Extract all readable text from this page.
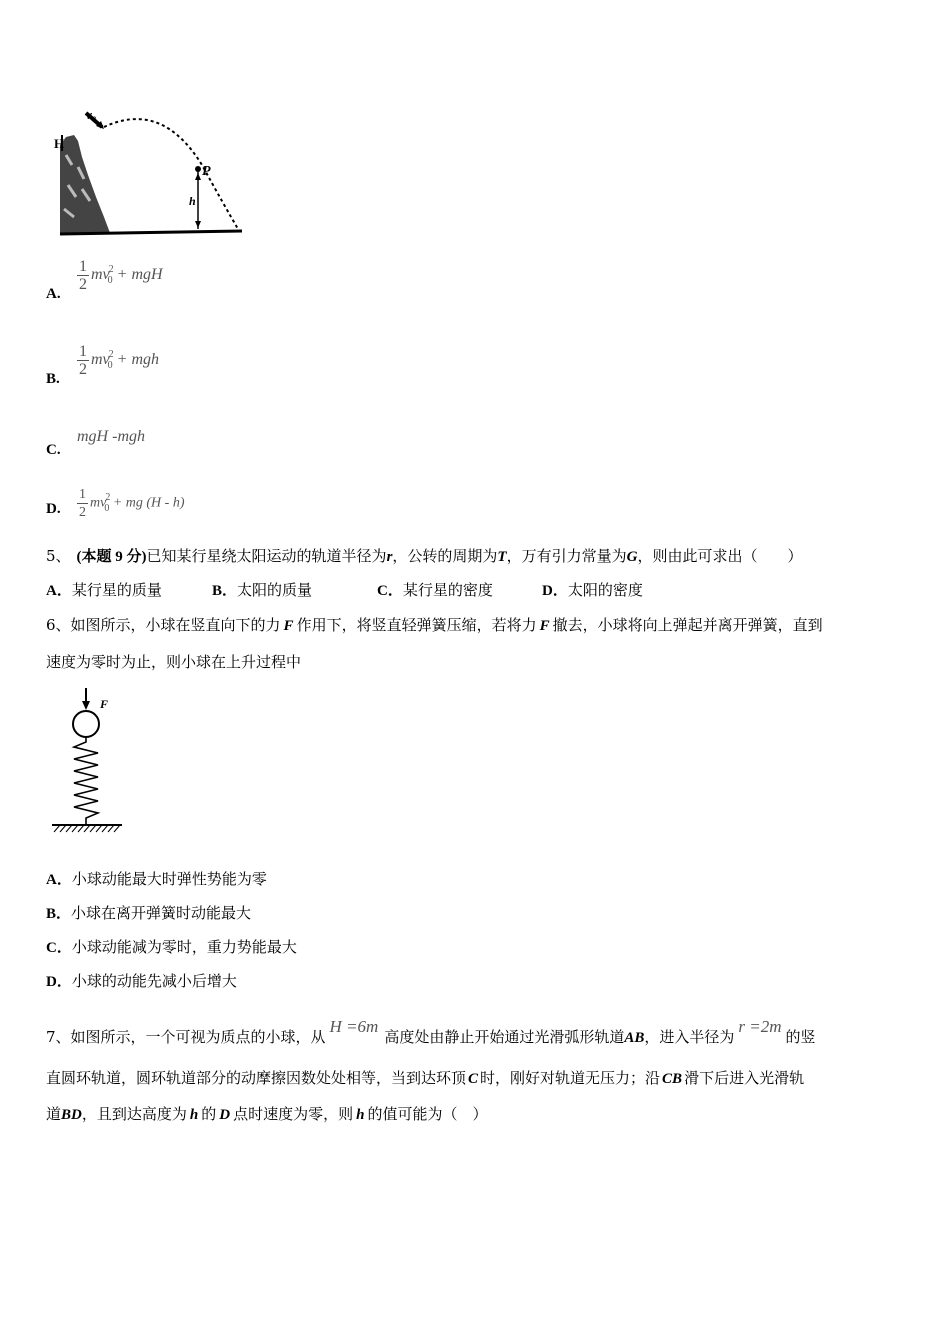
H
v₀
P
h
A.
$\frac{1}{2} mv^2_0$ + mgH
B.
$\frac{1}{2} mv^2_0$ + mgh
C.
mgH -mgh
D. $\frac{1}{2} mv^2_0$ + mg (H - h)
5、 (本题 9 分)已知某行星绕太阳运动的轨道半径为r，公转的周期为T，万有引力常量为G，则由此可求出（　　）
A．某行星的质量	B．太阳的质量	C．某行星的密度	D．太阳的密度
6、如图所示，小球在竖直向下的力 F 作用下，将竖直轻弹簧压缩，若将力 F 撤去，小球将向上弹起并离开弹簧，直到
速度为零时为止，则小球在上升过程中
F
A．小球动能最大时弹性势能为零
B．小球在离开弹簧时动能最大
C．小球动能减为零时，重力势能最大
D．小球的动能先减小后增大
7、如图所示，一个可视为质点的小球，从H =6m高度处由静止开始通过光滑弧形轨道AB，进入半径为r =2m的竖
直圆环轨道，圆环轨道部分的动摩擦因数处处相等，当到达环顶 C 时，刚好对轨道无压力；沿 CB 滑下后进入光滑轨
道BD，且到达高度为 h 的 D 点时速度为零，则 h 的值可能为（　）
